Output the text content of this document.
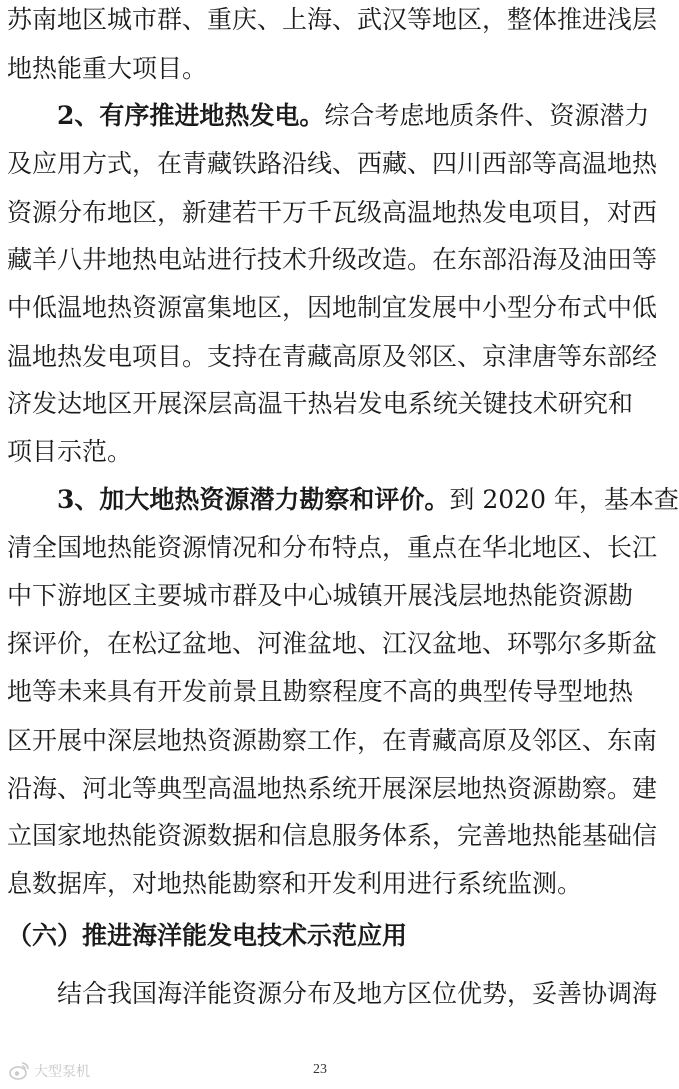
苏南地区城市群、重庆、上海、武汉等地区，整体推进浅层
地热能重大项目。
2、有序推进地热发电。综合考虑地质条件、资源潜力
及应用方式，在青藏铁路沿线、西藏、四川西部等高温地热
资源分布地区，新建若干万千瓦级高温地热发电项目，对西
藏羊八井地热电站进行技术升级改造。在东部沿海及油田等
中低温地热资源富集地区，因地制宜发展中小型分布式中低
温地热发电项目。支持在青藏高原及邻区、京津唐等东部经
济发达地区开展深层高温干热岩发电系统关键技术研究和
项目示范。
3、加大地热资源潜力勘察和评价。到 2020 年，基本查
清全国地热能资源情况和分布特点，重点在华北地区、长江
中下游地区主要城市群及中心城镇开展浅层地热能资源勘
探评价，在松辽盆地、河淮盆地、江汉盆地、环鄂尔多斯盆
地等未来具有开发前景且勘察程度不高的典型传导型地热
区开展中深层地热资源勘察工作，在青藏高原及邻区、东南
沿海、河北等典型高温地热系统开展深层地热资源勘察。建
立国家地热能资源数据和信息服务体系，完善地热能基础信
息数据库，对地热能勘察和开发利用进行系统监测。
（六）推进海洋能发电技术示范应用
结合我国海洋能资源分布及地方区位优势，妥善协调海
大型泵机	23
